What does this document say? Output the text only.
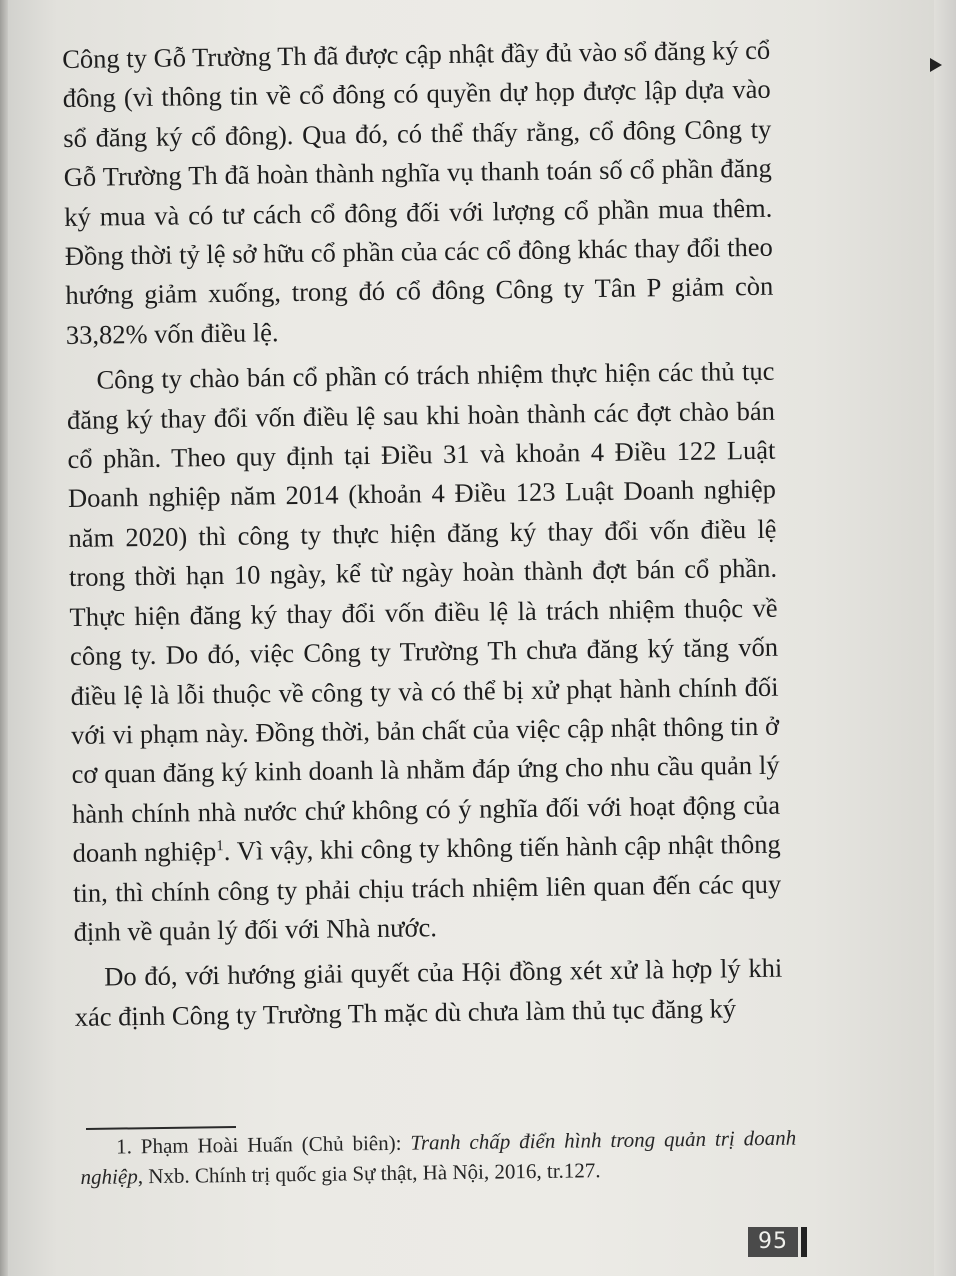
Công ty Gỗ Trường Th đã được cập nhật đầy đủ vào sổ đăng ký cổ đông (vì thông tin về cổ đông có quyền dự họp được lập dựa vào sổ đăng ký cổ đông). Qua đó, có thể thấy rằng, cổ đông Công ty Gỗ Trường Th đã hoàn thành nghĩa vụ thanh toán số cổ phần đăng ký mua và có tư cách cổ đông đối với lượng cổ phần mua thêm. Đồng thời tỷ lệ sở hữu cổ phần của các cổ đông khác thay đổi theo hướng giảm xuống, trong đó cổ đông Công ty Tân P giảm còn 33,82% vốn điều lệ.

Công ty chào bán cổ phần có trách nhiệm thực hiện các thủ tục đăng ký thay đổi vốn điều lệ sau khi hoàn thành các đợt chào bán cổ phần. Theo quy định tại Điều 31 và khoản 4 Điều 122 Luật Doanh nghiệp năm 2014 (khoản 4 Điều 123 Luật Doanh nghiệp năm 2020) thì công ty thực hiện đăng ký thay đổi vốn điều lệ trong thời hạn 10 ngày, kể từ ngày hoàn thành đợt bán cổ phần. Thực hiện đăng ký thay đổi vốn điều lệ là trách nhiệm thuộc về công ty. Do đó, việc Công ty Trường Th chưa đăng ký tăng vốn điều lệ là lỗi thuộc về công ty và có thể bị xử phạt hành chính đối với vi phạm này. Đồng thời, bản chất của việc cập nhật thông tin ở cơ quan đăng ký kinh doanh là nhằm đáp ứng cho nhu cầu quản lý hành chính nhà nước chứ không có ý nghĩa đối với hoạt động của doanh nghiệp$^1$. Vì vậy, khi công ty không tiến hành cập nhật thông tin, thì chính công ty phải chịu trách nhiệm liên quan đến các quy định về quản lý đối với Nhà nước.

Do đó, với hướng giải quyết của Hội đồng xét xử là hợp lý khi xác định Công ty Trường Th mặc dù chưa làm thủ tục đăng ký

1. Phạm Hoài Huấn (Chủ biên): Tranh chấp điển hình trong quản trị doanh nghiệp, Nxb. Chính trị quốc gia Sự thật, Hà Nội, 2016, tr.127.

95
